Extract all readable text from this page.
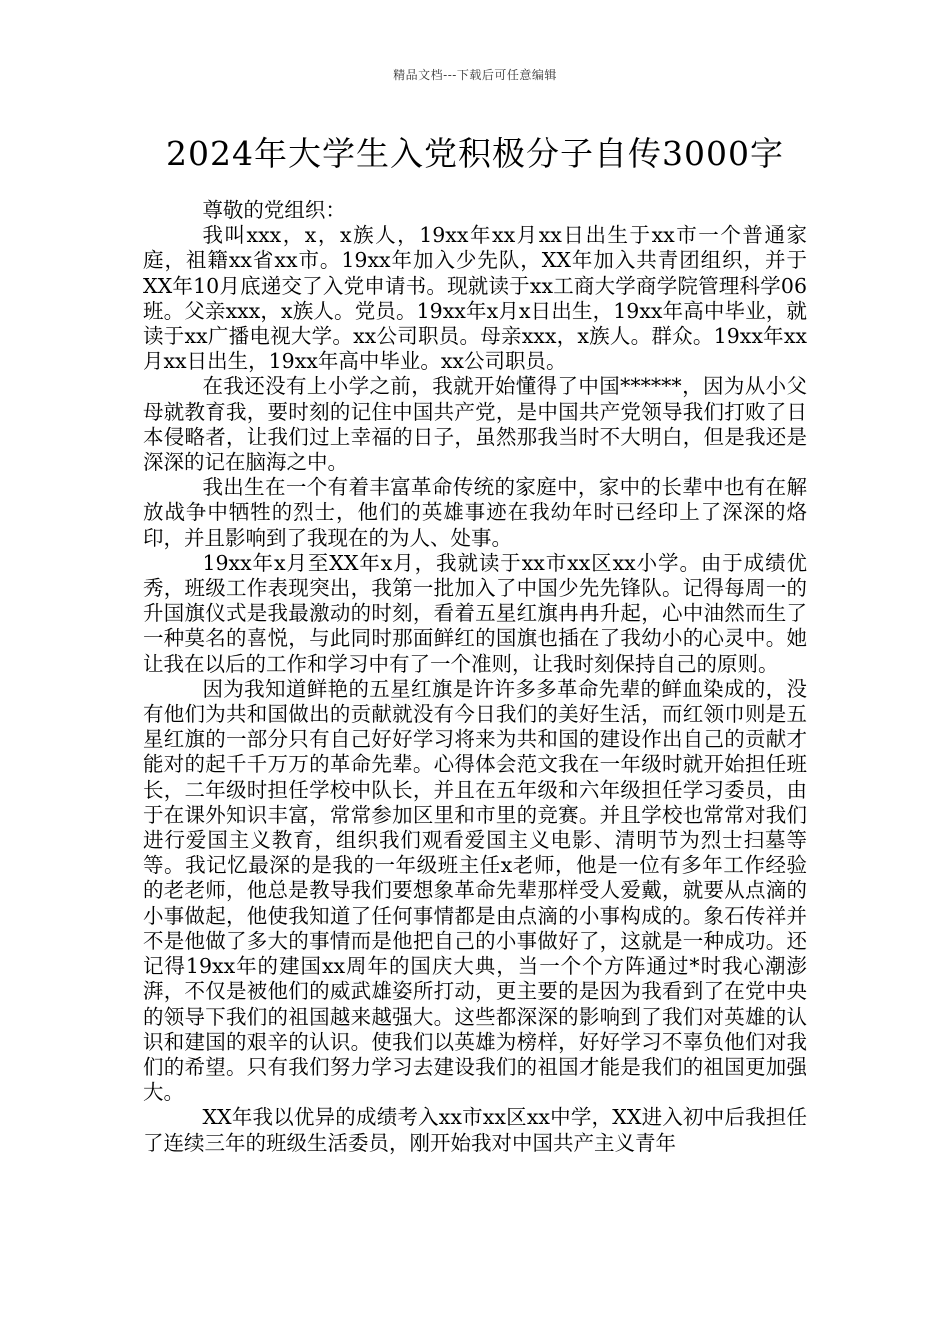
精品文档---下载后可任意编辑
2024年大学生入党积极分子自传3000字

尊敬的党组织：

我叫xxx，x，x族人，19xx年xx月xx日出生于xx市一个普通家庭，祖籍xx省xx市。19xx年加入少先队，XX年加入共青团组织，并于XX年10月底递交了入党申请书。现就读于xx工商大学商学院管理科学06班。父亲xxx，x族人。党员。19xx年x月x日出生，19xx年高中毕业，就读于xx广播电视大学。xx公司职员。母亲xxx，x族人。群众。19xx年xx月xx日出生，19xx年高中毕业。xx公司职员。

在我还没有上小学之前，我就开始懂得了中国******，因为从小父母就教育我，要时刻的记住中国共产党，是中国共产党领导我们打败了日本侵略者，让我们过上幸福的日子，虽然那我当时不大明白，但是我还是深深的记在脑海之中。

我出生在一个有着丰富革命传统的家庭中，家中的长辈中也有在解放战争中牺牲的烈士，他们的英雄事迹在我幼年时已经印上了深深的烙印，并且影响到了我现在的为人、处事。

19xx年x月至XX年x月，我就读于xx市xx区xx小学。由于成绩优秀，班级工作表现突出，我第一批加入了中国少先先锋队。记得每周一的升国旗仪式是我最激动的时刻，看着五星红旗冉冉升起，心中油然而生了一种莫名的喜悦，与此同时那面鲜红的国旗也插在了我幼小的心灵中。她让我在以后的工作和学习中有了一个准则，让我时刻保持自己的原则。

因为我知道鲜艳的五星红旗是许许多多革命先辈的鲜血染成的，没有他们为共和国做出的贡献就没有今日我们的美好生活，而红领巾则是五星红旗的一部分只有自己好好学习将来为共和国的建设作出自己的贡献才能对的起千千万万的革命先辈。心得体会范文我在一年级时就开始担任班长，二年级时担任学校中队长，并且在五年级和六年级担任学习委员，由于在课外知识丰富，常常参加区里和市里的竞赛。并且学校也常常对我们进行爱国主义教育，组织我们观看爱国主义电影、清明节为烈士扫墓等等。我记忆最深的是我的一年级班主任x老师，他是一位有多年工作经验的老老师，他总是教导我们要想象革命先辈那样受人爱戴，就要从点滴的小事做起，他使我知道了任何事情都是由点滴的小事构成的。象石传祥并不是他做了多大的事情而是他把自己的小事做好了，这就是一种成功。还记得19xx年的建国xx周年的国庆大典，当一个个方阵通过*时我心潮澎湃，不仅是被他们的威武雄姿所打动，更主要的是因为我看到了在党中央的领导下我们的祖国越来越强大。这些都深深的影响到了我们对英雄的认识和建国的艰辛的认识。使我们以英雄为榜样，好好学习不辜负他们对我们的希望。只有我们努力学习去建设我们的祖国才能是我们的祖国更加强大。

XX年我以优异的成绩考入xx市xx区xx中学，XX进入初中后我担任了连续三年的班级生活委员，刚开始我对中国共产主义青年
